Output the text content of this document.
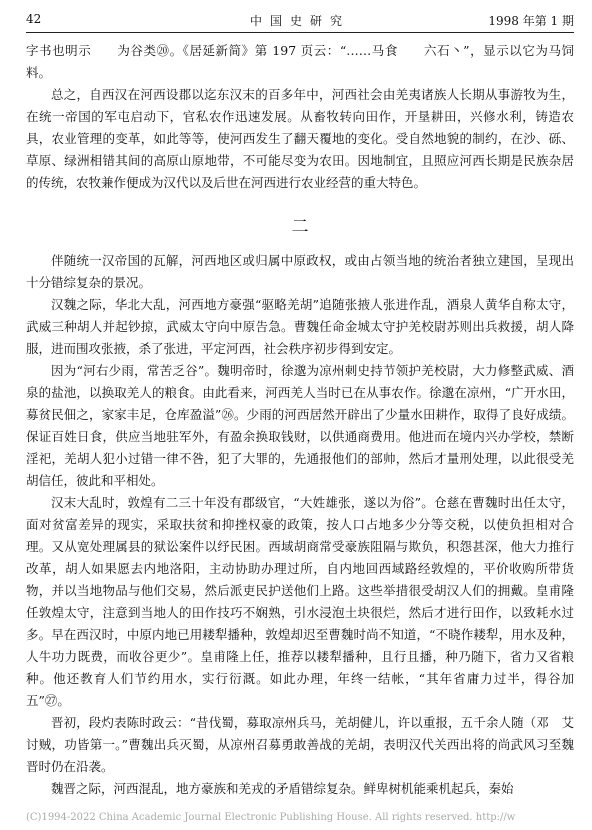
42	中国史研究	1998 年第 1 期

字书也明示　　为谷类⑳。《居延新简》第 197 页云：“……马食　　六石丶”，显示以它为马饲料。

总之，自西汉在河西设郡以迄东汉末的百多年中，河西社会由羌夷诸族人长期从事游牧为生，在统一帝国的军屯启动下，官私农作迅速发展。从畜牧转向田作，开垦耕田，兴修水利，铸造农具，农业管理的变革，如此等等，使河西发生了翻天覆地的变化。受自然地貌的制约，在沙、砾、草原、绿洲相错其间的高原山原地带，不可能尽变为农田。因地制宜，且照应河西长期是民族杂居的传统，农牧兼作便成为汉代以及后世在河西进行农业经营的重大特色。

二

伴随统一汉帝国的瓦解，河西地区或归属中原政权，或由占领当地的统治者独立建国，呈现出十分错综复杂的景况。

汉魏之际，华北大乱，河西地方豪强“驱略羌胡”追随张掖人张进作乱，酒泉人黄华自称太守，武威三种胡人并起钞掠，武威太守向中原告急。曹魏任命金城太守护羌校尉苏则出兵救援，胡人降服，进而围攻张掖，杀了张进，平定河西，社会秩序初步得到安定。

因为“河右少雨，常苦乏谷”。魏明帝时，徐邈为凉州刺史持节领护羌校尉，大力修整武威、酒泉的盐池，以换取羌人的粮食。由此看来，河西羌人当时已在从事农作。徐邈在凉州，“广开水田，募贫民佃之，家家丰足，仓库盈溢”㉖。少雨的河西居然开辟出了少量水田耕作，取得了良好成绩。保证百姓日食，供应当地驻军外，有盈余换取钱财，以供通商费用。他进而在境内兴办学校，禁断淫祀，羌胡人犯小过错一律不咎，犯了大罪的，先通报他们的部帅，然后才量刑处理，以此很受羌胡信任，彼此和平相处。

汉末大乱时，敦煌有二三十年没有郡级官，“大姓雄张，遂以为俗”。仓慈在曹魏时出任太守，面对贫富差异的现实，采取扶贫和抑挫权豪的政策，按人口占地多少分等交税，以使负担相对合理。又从宽处理属县的狱讼案件以纾民困。西域胡商常受豪族阻隔与欺负，积怨甚深，他大力推行改革，胡人如果愿去内地洛阳，主动协助办理过所，自内地回西域路经敦煌的，平价收购所带货物，并以当地物品与他们交易，然后派吏民护送他们上路。这些举措很受胡汉人们的拥戴。皇甫隆任敦煌太守，注意到当地人的田作技巧不娴熟，引水浸泡土块很烂，然后才进行田作，以致耗水过多。早在西汉时，中原内地已用耧犁播种，敦煌却迟至曹魏时尚不知道，“不晓作耧犁，用水及种，人牛功力既费，而收谷更少”。皇甫隆上任，推荐以耧犁播种，且行且播，种乃随下，省力又省粮种。他还教育人们节约用水，实行衍溉。如此办理，年终一结帐，“其年省庸力过半，得谷加五”㉗。

晋初，段灼表陈时政云：“昔伐蜀，募取凉州兵马，羌胡健儿，许以重报，五千余人随（邓　艾讨贼，功皆第一。”曹魏出兵灭蜀，从凉州召募勇敢善战的羌胡，表明汉代关西出将的尚武风习至魏晋时仍在沿袭。

魏晋之际，河西混乱，地方豪族和羌戎的矛盾错综复杂。鲜卑树机能乘机起兵，秦始

(C)1994-2022 China Academic Journal Electronic Publishing House. All rights reserved. http://w
